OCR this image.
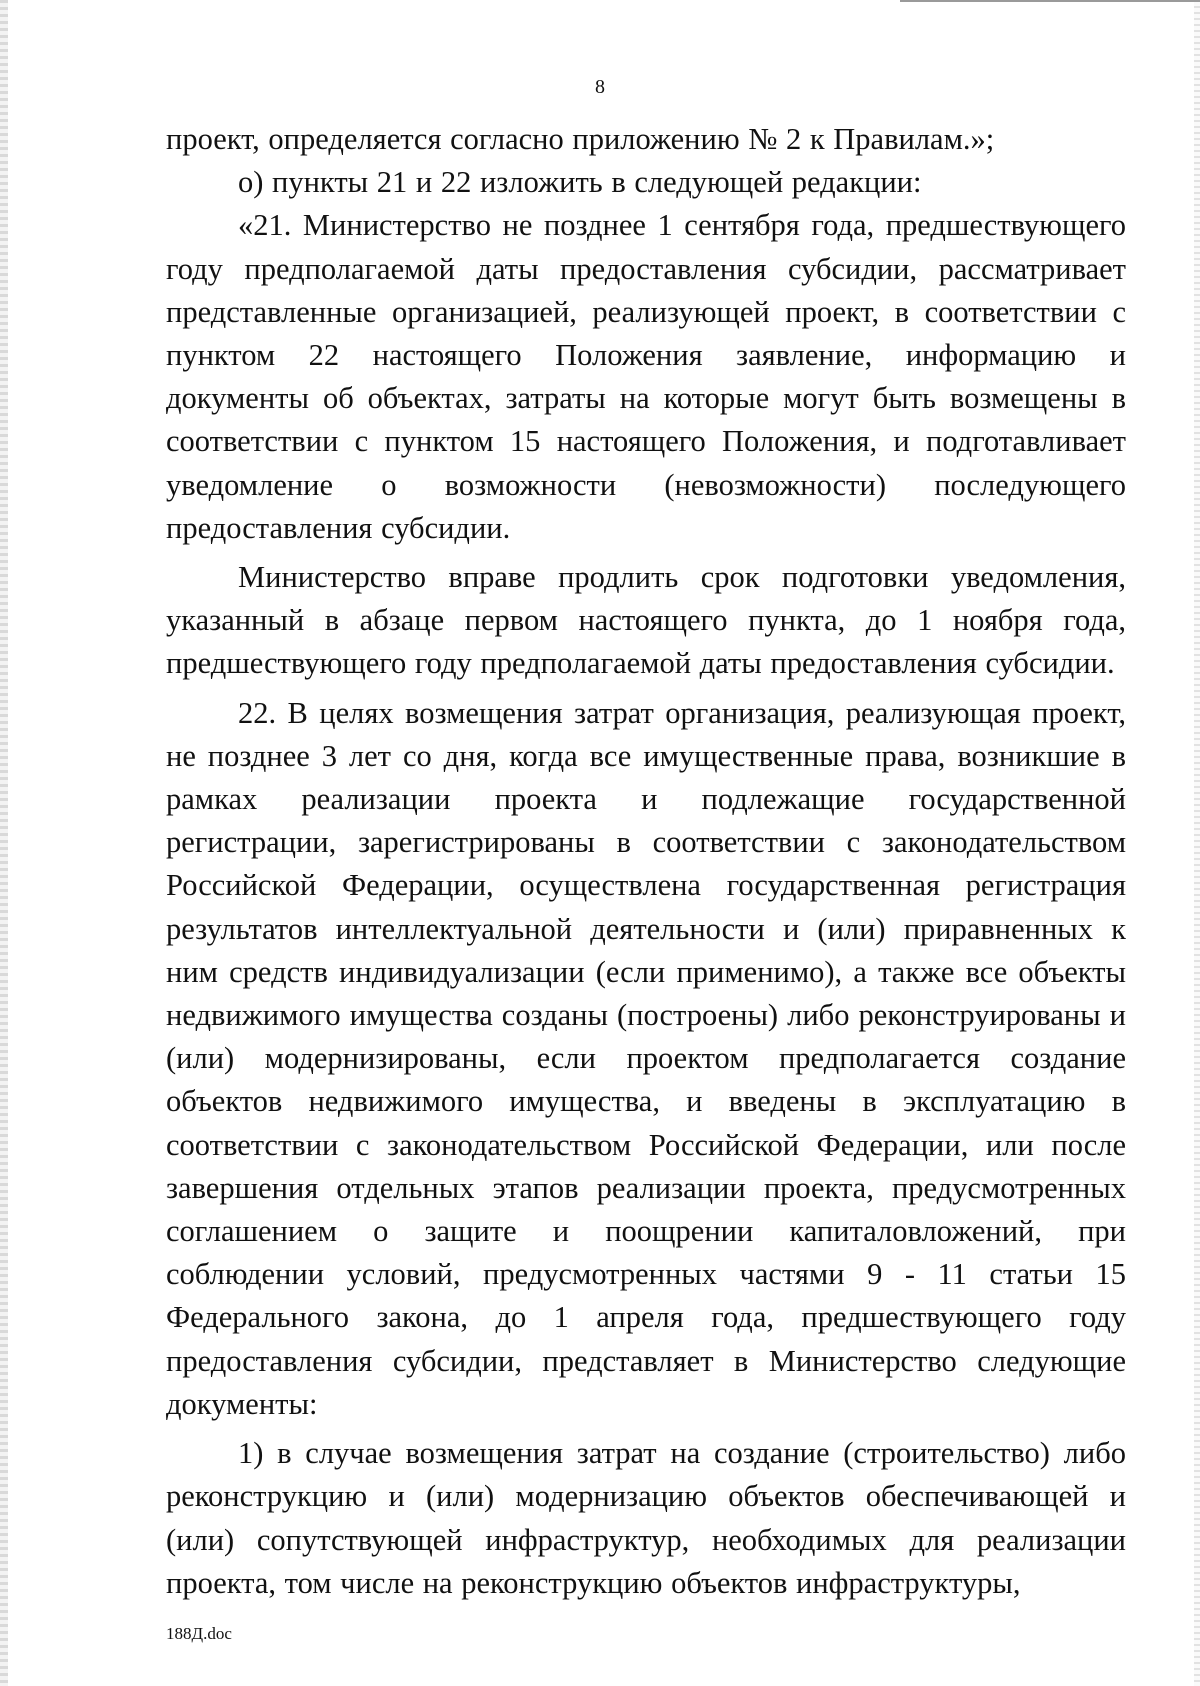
8

проект, определяется согласно приложению № 2 к Правилам.»;

о) пункты 21 и 22 изложить в следующей редакции:

«21. Министерство не позднее 1 сентября года, предшествующего году предполагаемой даты предоставления субсидии, рассматривает представленные организацией, реализующей проект, в соответствии с пунктом 22 настоящего Положения заявление, информацию и документы об объектах, затраты на которые могут быть возмещены в соответствии с пунктом 15 настоящего Положения, и подготавливает уведомление о возможности (невозможности) последующего предоставления субсидии.

Министерство вправе продлить срок подготовки уведомления, указанный в абзаце первом настоящего пункта, до 1 ноября года, предшествующего году предполагаемой даты предоставления субсидии.

22. В целях возмещения затрат организация, реализующая проект, не позднее 3 лет со дня, когда все имущественные права, возникшие в рамках реализации проекта и подлежащие государственной регистрации, зарегистрированы в соответствии с законодательством Российской Федерации, осуществлена государственная регистрация результатов интеллектуальной деятельности и (или) приравненных к ним средств индивидуализации (если применимо), а также все объекты недвижимого имущества созданы (построены) либо реконструированы и (или) модернизированы, если проектом предполагается создание объектов недвижимого имущества, и введены в эксплуатацию в соответствии с законодательством Российской Федерации, или после завершения отдельных этапов реализации проекта, предусмотренных соглашением о защите и поощрении капиталовложений, при соблюдении условий, предусмотренных частями 9 - 11 статьи 15 Федерального закона, до 1 апреля года, предшествующего году предоставления субсидии, представляет в Министерство следующие документы:

1) в случае возмещения затрат на создание (строительство) либо реконструкцию и (или) модернизацию объектов обеспечивающей и (или) сопутствующей инфраструктур, необходимых для реализации проекта, том числе на реконструкцию объектов инфраструктуры,

188Д.doc
